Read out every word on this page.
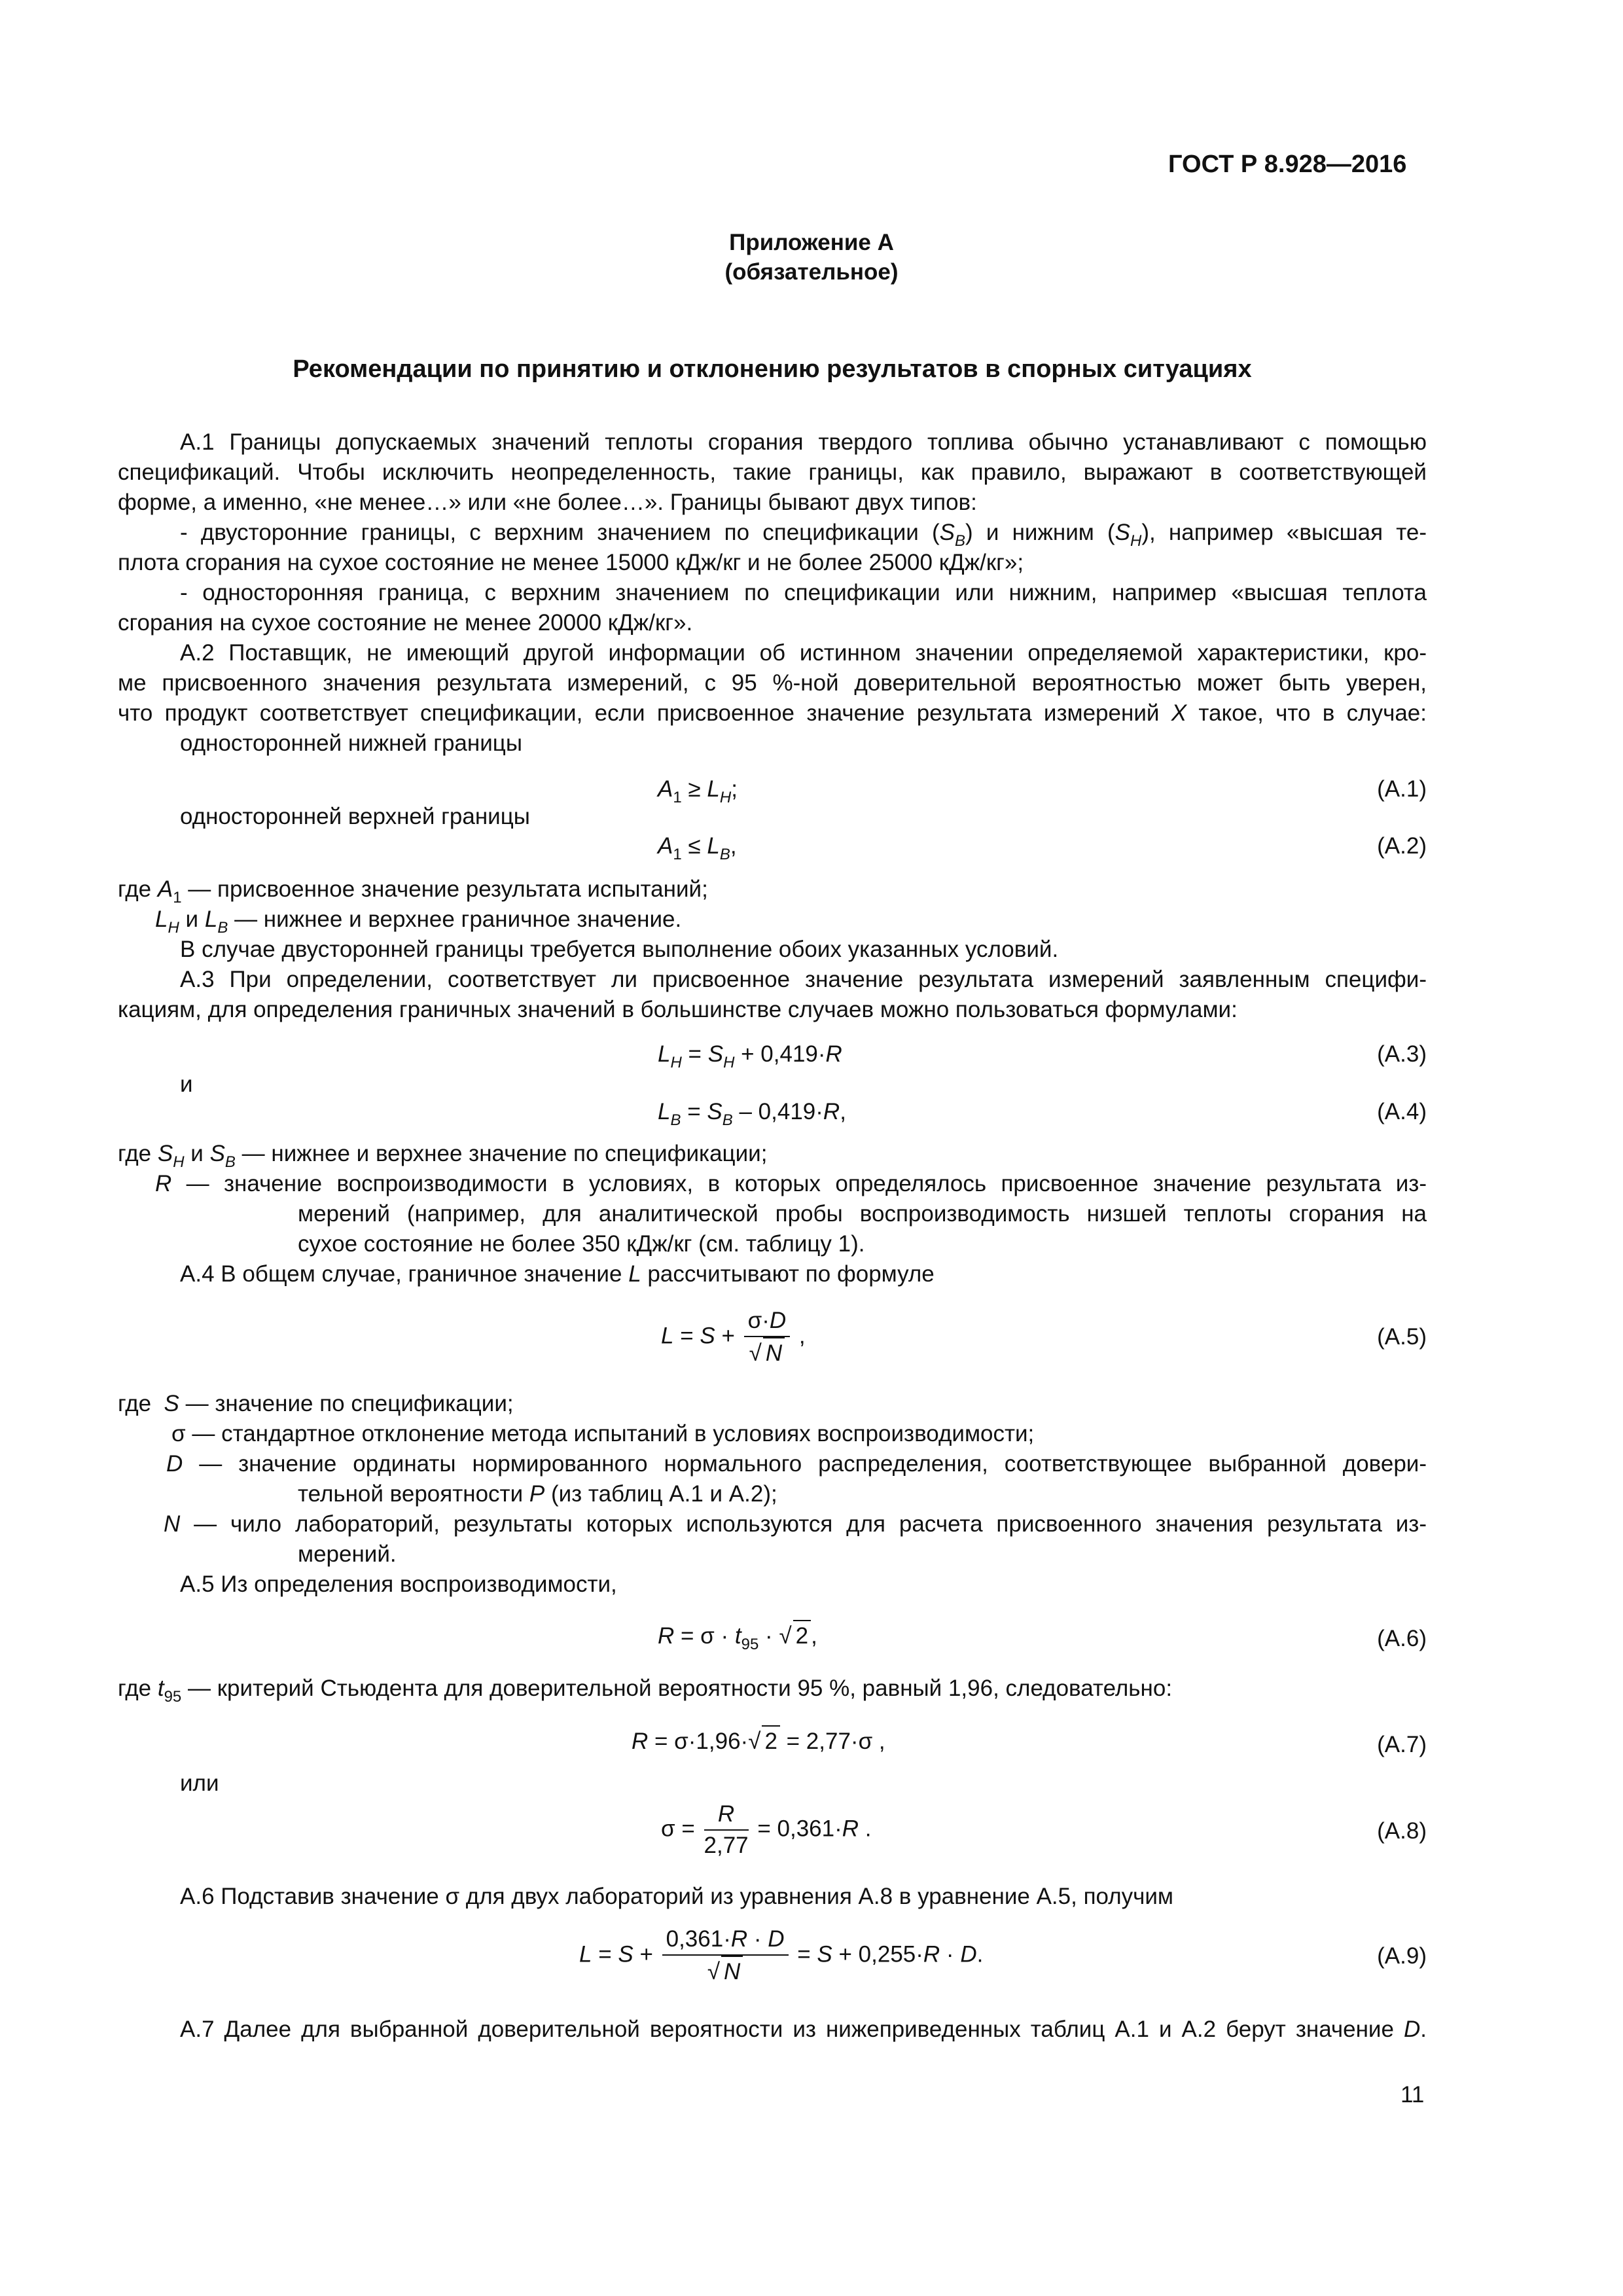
ГОСТ Р 8.928—2016
Приложение А
(обязательное)
Рекомендации по принятию и отклонению результатов в спорных ситуациях
А.1 Границы допускаемых значений теплоты сгорания твердого топлива обычно устанавливают с помощью
спецификаций. Чтобы исключить неопределенность, такие границы, как правило, выражают в соответствующей
форме, а именно, «не менее…» или «не более…». Границы бывают двух типов:
- двусторонние границы, с верхним значением по спецификации $(S_B)$ и нижним $(S_H)$, например «высшая те-
плота сгорания на сухое состояние не менее 15000 кДж/кг и не более 25000 кДж/кг»;
- односторонняя граница, с верхним значением по спецификации или нижним, например «высшая теплота
сгорания на сухое состояние не менее 20000 кДж/кг».
А.2 Поставщик, не имеющий другой информации об истинном значении определяемой характеристики, кро-
ме присвоенного значения результата измерений, с 95 %-ной доверительной вероятностью может быть уверен,
что продукт соответствует спецификации, если присвоенное значение результата измерений X такое, что в случае:
односторонней нижней границы
$A_1 \ge L_H$;	(А.1)
односторонней верхней границы
$A_1 \le L_B$,	(А.2)
где $A_1$ — присвоенное значение результата испытаний;
$L_H$ и $L_B$ — нижнее и верхнее граничное значение.
В случае двусторонней границы требуется выполнение обоих указанных условий.
А.3 При определении, соответствует ли присвоенное значение результата измерений заявленным специфи-
кациям, для определения граничных значений в большинстве случаев можно пользоваться формулами:
$L_H = S_H + 0,419\cdot R$	(А.3)
и
$L_B = S_B - 0,419\cdot R$,	(А.4)
где $S_H$ и $S_B$ — нижнее и верхнее значение по спецификации;
R — значение воспроизводимости в условиях, в которых определялось присвоенное значение результата из-
мерений (например, для аналитической пробы воспроизводимость низшей теплоты сгорания на
сухое состояние не более 350 кДж/кг (см. таблицу 1).
А.4 В общем случае, граничное значение L рассчитывают по формуле
$L = S + \frac{\sigma\cdot D}{√ N}$ ,	(А.5)
где S — значение по спецификации;
σ — стандартное отклонение метода испытаний в условиях воспроизводимости;
D — значение ординаты нормированного нормального распределения, соответствующее выбранной довери-
тельной вероятности P (из таблиц А.1 и А.2);
N — чило лабораторий, результаты которых используются для расчета присвоенного значения результата из-
мерений.
А.5 Из определения воспроизводимости,
$R = \sigma \cdot t_{95}$ · √ 2 ,	(А.6)
где $t_{95}$ — критерий Стьюдента для доверительной вероятности 95 %, равный 1,96, следовательно:
R = σ·1,96·√ 2 = 2,77·σ ,	(А.7)
или
$\sigma = \frac{R}{2,77} = 0,361\cdot R$ .	(А.8)
А.6 Подставив значение σ для двух лабораторий из уравнения А.8 в уравнение А.5, получим
$L = S + \frac{0,361\cdot R \cdot D}{√ N} = S + 0,255\cdot R \cdot D$.	(А.9)
А.7 Далее для выбранной доверительной вероятности из нижеприведенных таблиц А.1 и А.2 берут значение D.
11
